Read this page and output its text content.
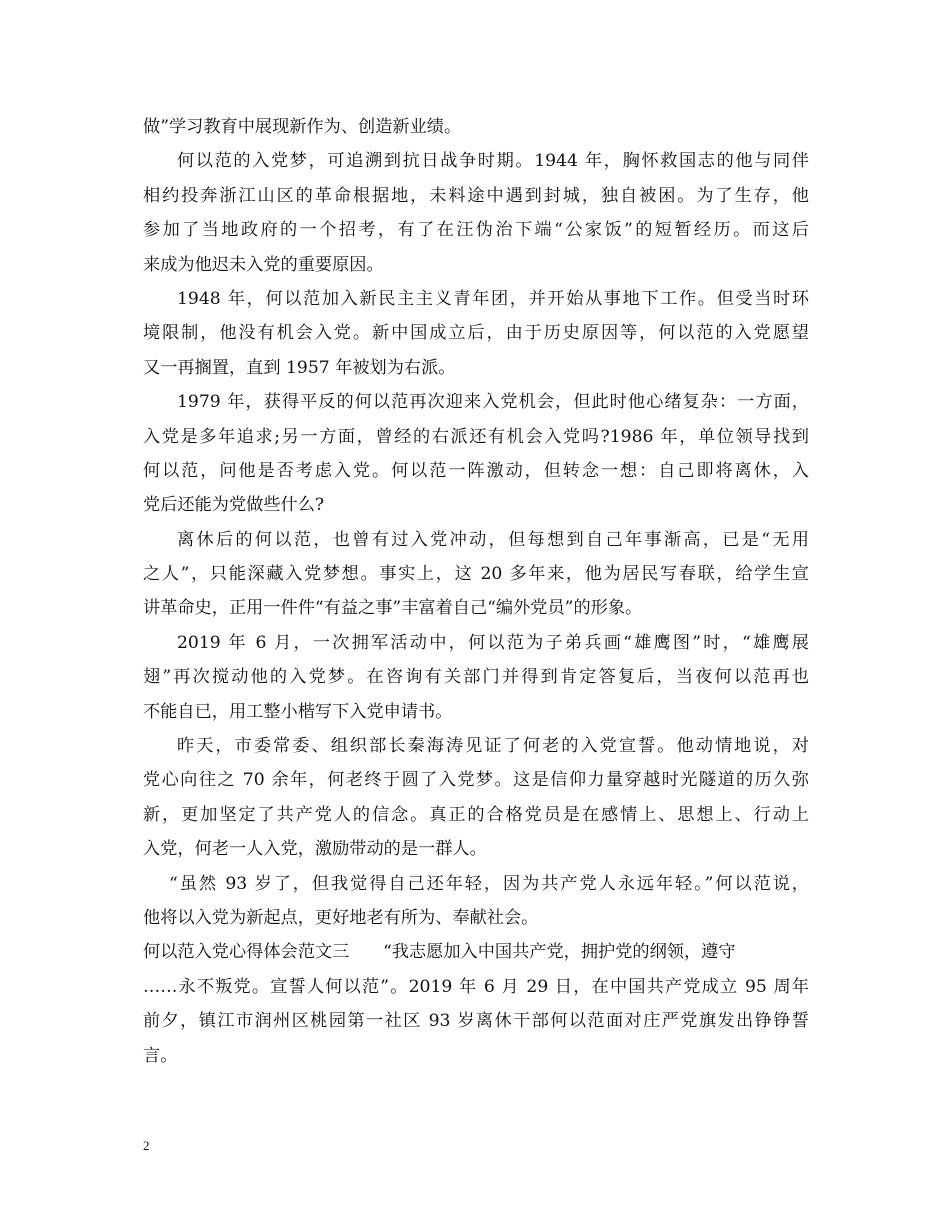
做”学习教育中展现新作为、创造新业绩。
何以范的入党梦，可追溯到抗日战争时期。1944 年，胸怀救国志的他与同伴
相约投奔浙江山区的革命根据地，未料途中遇到封城，独自被困。为了生存，他
参加了当地政府的一个招考，有了在汪伪治下端“公家饭”的短暂经历。而这后
来成为他迟未入党的重要原因。
1948 年，何以范加入新民主主义青年团，并开始从事地下工作。但受当时环
境限制，他没有机会入党。新中国成立后，由于历史原因等，何以范的入党愿望
又一再搁置，直到 1957 年被划为右派。
1979 年，获得平反的何以范再次迎来入党机会，但此时他心绪复杂：一方面，
入党是多年追求;另一方面，曾经的右派还有机会入党吗?1986 年，单位领导找到
何以范，问他是否考虑入党。何以范一阵激动，但转念一想：自己即将离休，入
党后还能为党做些什么?
离休后的何以范，也曾有过入党冲动，但每想到自己年事渐高，已是“无用
之人”，只能深藏入党梦想。事实上，这 20 多年来，他为居民写春联，给学生宣
讲革命史，正用一件件“有益之事”丰富着自己“编外党员”的形象。
2019 年 6 月，一次拥军活动中，何以范为子弟兵画“雄鹰图”时，“雄鹰展
翅”再次搅动他的入党梦。在咨询有关部门并得到肯定答复后，当夜何以范再也
不能自已，用工整小楷写下入党申请书。
昨天，市委常委、组织部长秦海涛见证了何老的入党宣誓。他动情地说，对
党心向往之 70 余年，何老终于圆了入党梦。这是信仰力量穿越时光隧道的历久弥
新，更加坚定了共产党人的信念。真正的合格党员是在感情上、思想上、行动上
入党，何老一人入党，激励带动的是一群人。
“虽然 93 岁了，但我觉得自己还年轻，因为共产党人永远年轻。”何以范说，
他将以入党为新起点，更好地老有所为、奉献社会。
何以范入党心得体会范文三 “我志愿加入中国共产党，拥护党的纲领，遵守
……永不叛党。宣誓人何以范”。2019 年 6 月 29 日，在中国共产党成立 95 周年
前夕，镇江市润州区桃园第一社区 93 岁离休干部何以范面对庄严党旗发出铮铮誓
言。
2
